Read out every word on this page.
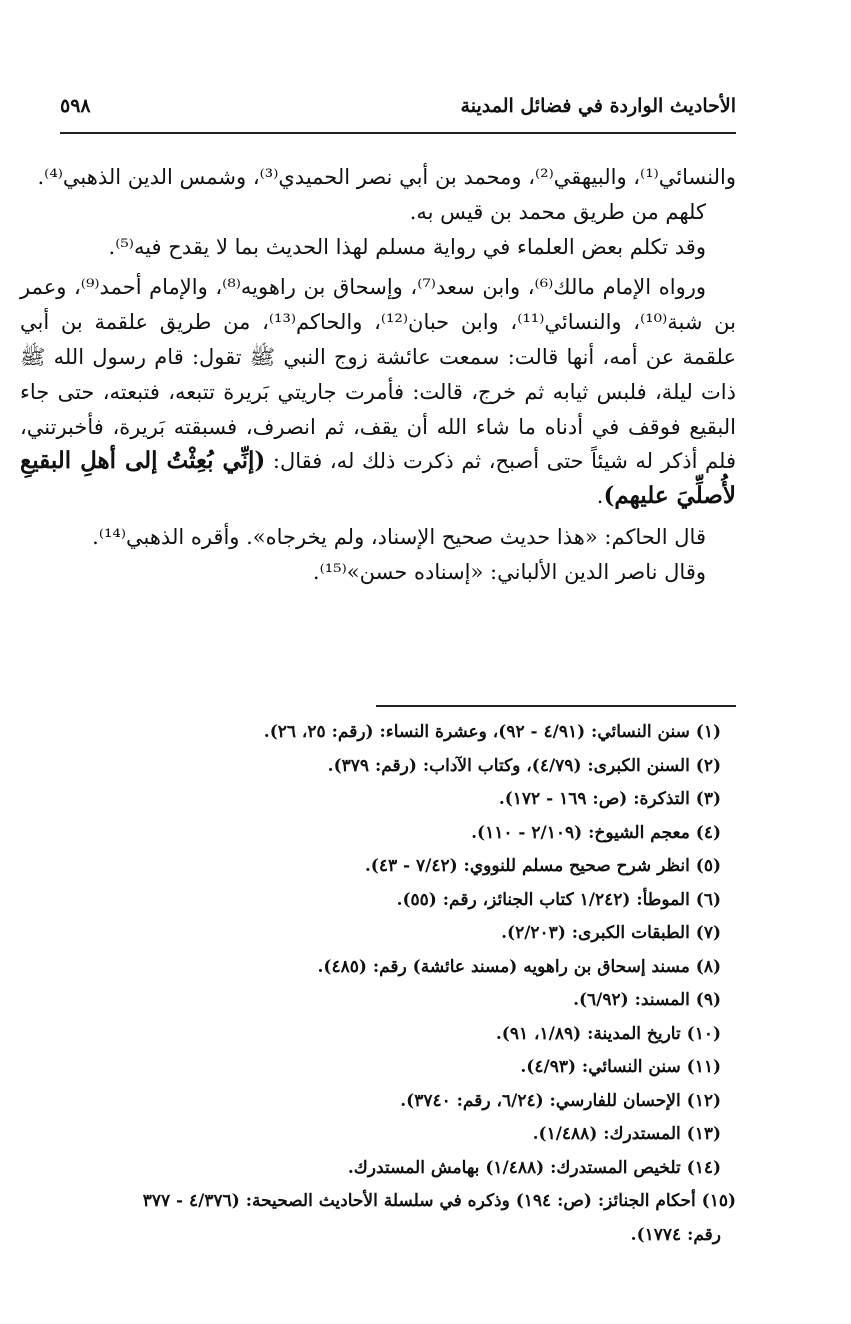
الأحاديث الواردة في فضائل المدينة
٥٩٨

والنسائي⁽¹⁾، والبيهقي⁽²⁾، ومحمد بن أبي نصر الحميدي⁽³⁾، وشمس الدين الذهبي⁽⁴⁾.

كلهم من طريق محمد بن قيس به.

وقد تكلم بعض العلماء في رواية مسلم لهذا الحديث بما لا يقدح فيه⁽⁵⁾.

ورواه الإمام مالك⁽⁶⁾، وابن سعد⁽⁷⁾، وإسحاق بن راهويه⁽⁸⁾، والإمام أحمد⁽⁹⁾، وعمر بن شبة⁽¹⁰⁾، والنسائي⁽¹¹⁾، وابن حبان⁽¹²⁾، والحاكم⁽¹³⁾، من طريق علقمة بن أبي علقمة عن أمه، أنها قالت: سمعت عائشة زوج النبي ﷺ تقول: قام رسول الله ﷺ ذات ليلة، فلبس ثيابه ثم خرج، قالت: فأمرت جاريتي بَريرة تتبعه، فتبعته، حتى جاء البقيع فوقف في أدناه ما شاء الله أن يقف، ثم انصرف، فسبقته بَريرة، فأخبرتني، فلم أذكر له شيئاً حتى أصبح، ثم ذكرت ذلك له، فقال: (إنِّي بُعِثْتُ إلى أهلِ البقيعِ لأُصلِّيَ عليهم).

قال الحاكم: «هذا حديث صحيح الإسناد، ولم يخرجاه». وأقره الذهبي⁽¹⁴⁾.

وقال ناصر الدين الألباني: «إسناده حسن»⁽¹⁵⁾.

(١) سنن النسائي: (٤/٩١ - ٩٢)، وعشرة النساء: (رقم: ٢٥، ٢٦).

(٢) السنن الكبرى: (٤/٧٩)، وكتاب الآداب: (رقم: ٣٧٩).

(٣) التذكرة: (ص: ١٦٩ - ١٧٢).

(٤) معجم الشيوخ: (٢/١٠٩ - ١١٠).

(٥) انظر شرح صحيح مسلم للنووي: (٧/٤٢ - ٤٣).

(٦) الموطأ: (١/٢٤٢ كتاب الجنائز، رقم: (٥٥).

(٧) الطبقات الكبرى: (٢/٢٠٣).

(٨) مسند إسحاق بن راهويه (مسند عائشة) رقم: (٤٨٥).

(٩) المسند: (٦/٩٢).

(١٠) تاريخ المدينة: (١/٨٩، ٩١).

(١١) سنن النسائي: (٤/٩٣).

(١٢) الإحسان للفارسي: (٦/٢٤، رقم: ٣٧٤٠).

(١٣) المستدرك: (١/٤٨٨).

(١٤) تلخيص المستدرك: (١/٤٨٨) بهامش المستدرك.

(١٥) أحكام الجنائز: (ص: ١٩٤) وذكره في سلسلة الأحاديث الصحيحة: (٤/٣٧٦ - ٣٧٧

رقم: ١٧٧٤).
